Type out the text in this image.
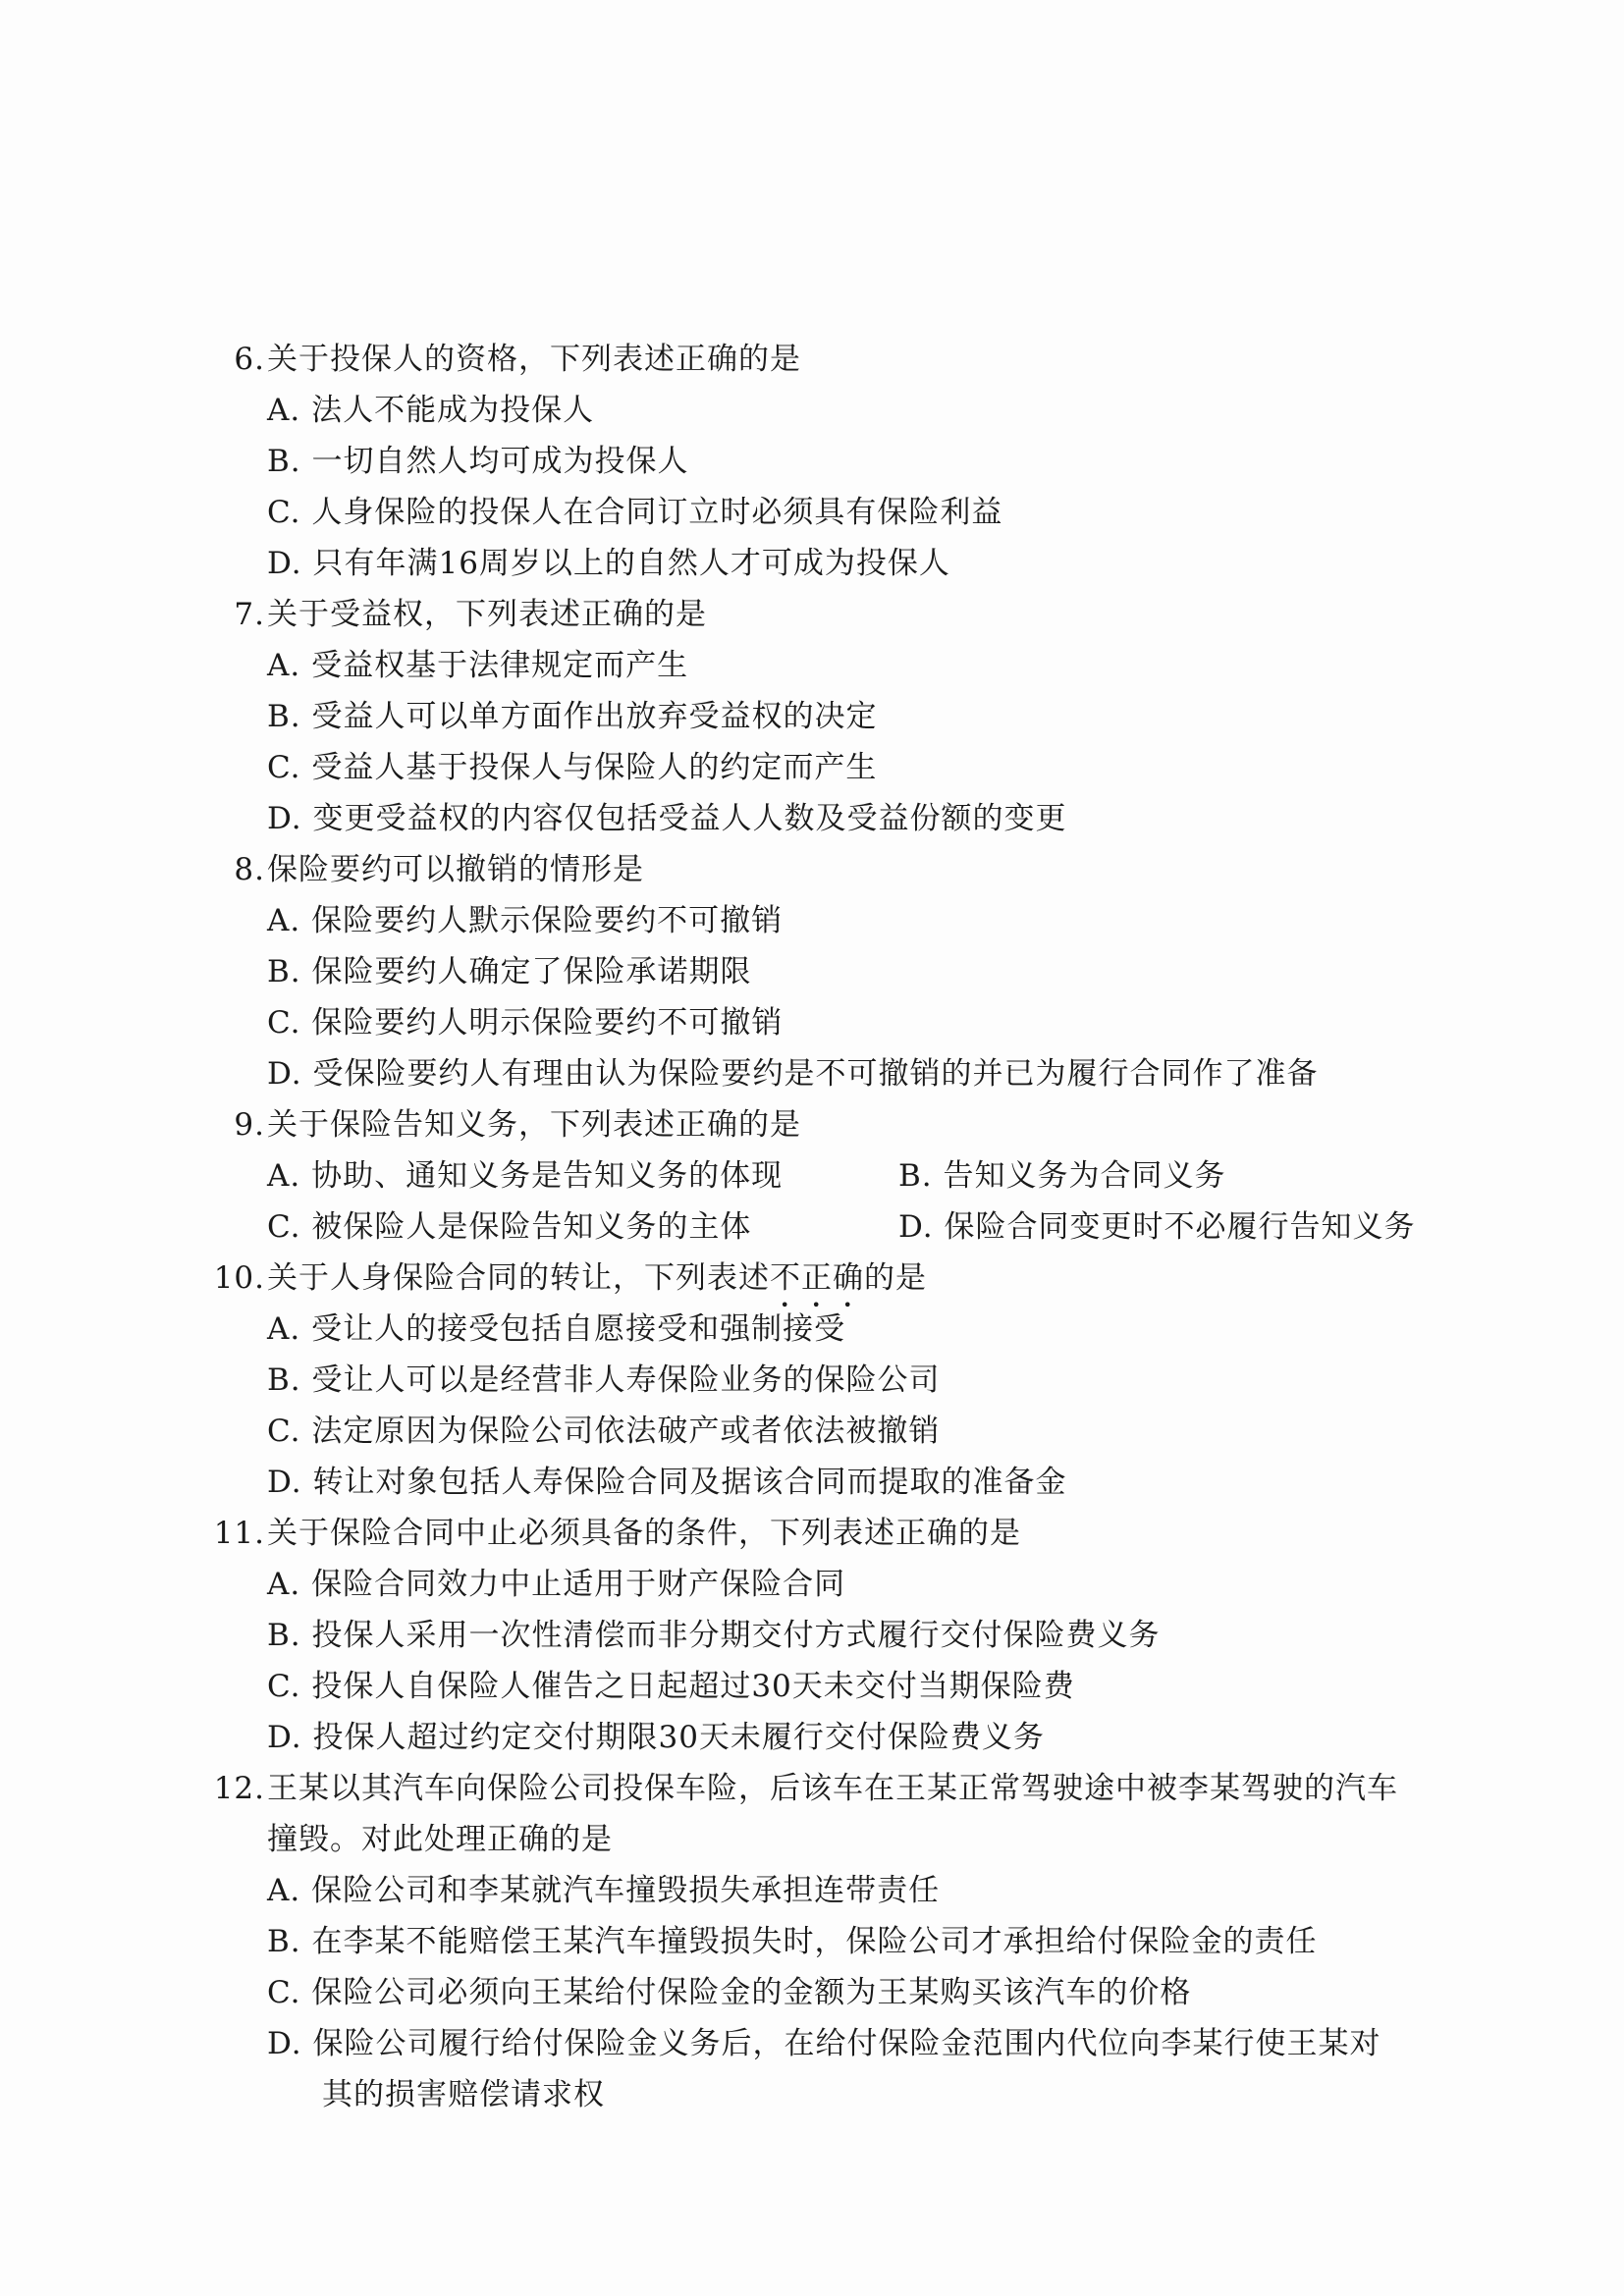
6. 关于投保人的资格，下列表述正确的是
A. 法人不能成为投保人
B. 一切自然人均可成为投保人
C. 人身保险的投保人在合同订立时必须具有保险利益
D. 只有年满16周岁以上的自然人才可成为投保人
7. 关于受益权，下列表述正确的是
A. 受益权基于法律规定而产生
B. 受益人可以单方面作出放弃受益权的决定
C. 受益人基于投保人与保险人的约定而产生
D. 变更受益权的内容仅包括受益人人数及受益份额的变更
8. 保险要约可以撤销的情形是
A. 保险要约人默示保险要约不可撤销
B. 保险要约人确定了保险承诺期限
C. 保险要约人明示保险要约不可撤销
D. 受保险要约人有理由认为保险要约是不可撤销的并已为履行合同作了准备
9. 关于保险告知义务，下列表述正确的是
A. 协助、通知义务是告知义务的体现	B. 告知义务为合同义务
C. 被保险人是保险告知义务的主体	D. 保险合同变更时不必履行告知义务
10. 关于人身保险合同的转让，下列表述不正确的是
A. 受让人的接受包括自愿接受和强制接受
B. 受让人可以是经营非人寿保险业务的保险公司
C. 法定原因为保险公司依法破产或者依法被撤销
D. 转让对象包括人寿保险合同及据该合同而提取的准备金
11. 关于保险合同中止必须具备的条件，下列表述正确的是
A. 保险合同效力中止适用于财产保险合同
B. 投保人采用一次性清偿而非分期交付方式履行交付保险费义务
C. 投保人自保险人催告之日起超过30天未交付当期保险费
D. 投保人超过约定交付期限30天未履行交付保险费义务
12. 王某以其汽车向保险公司投保车险，后该车在王某正常驾驶途中被李某驾驶的汽车
撞毁。对此处理正确的是
A. 保险公司和李某就汽车撞毁损失承担连带责任
B. 在李某不能赔偿王某汽车撞毁损失时，保险公司才承担给付保险金的责任
C. 保险公司必须向王某给付保险金的金额为王某购买该汽车的价格
D. 保险公司履行给付保险金义务后，在给付保险金范围内代位向李某行使王某对
其的损害赔偿请求权
